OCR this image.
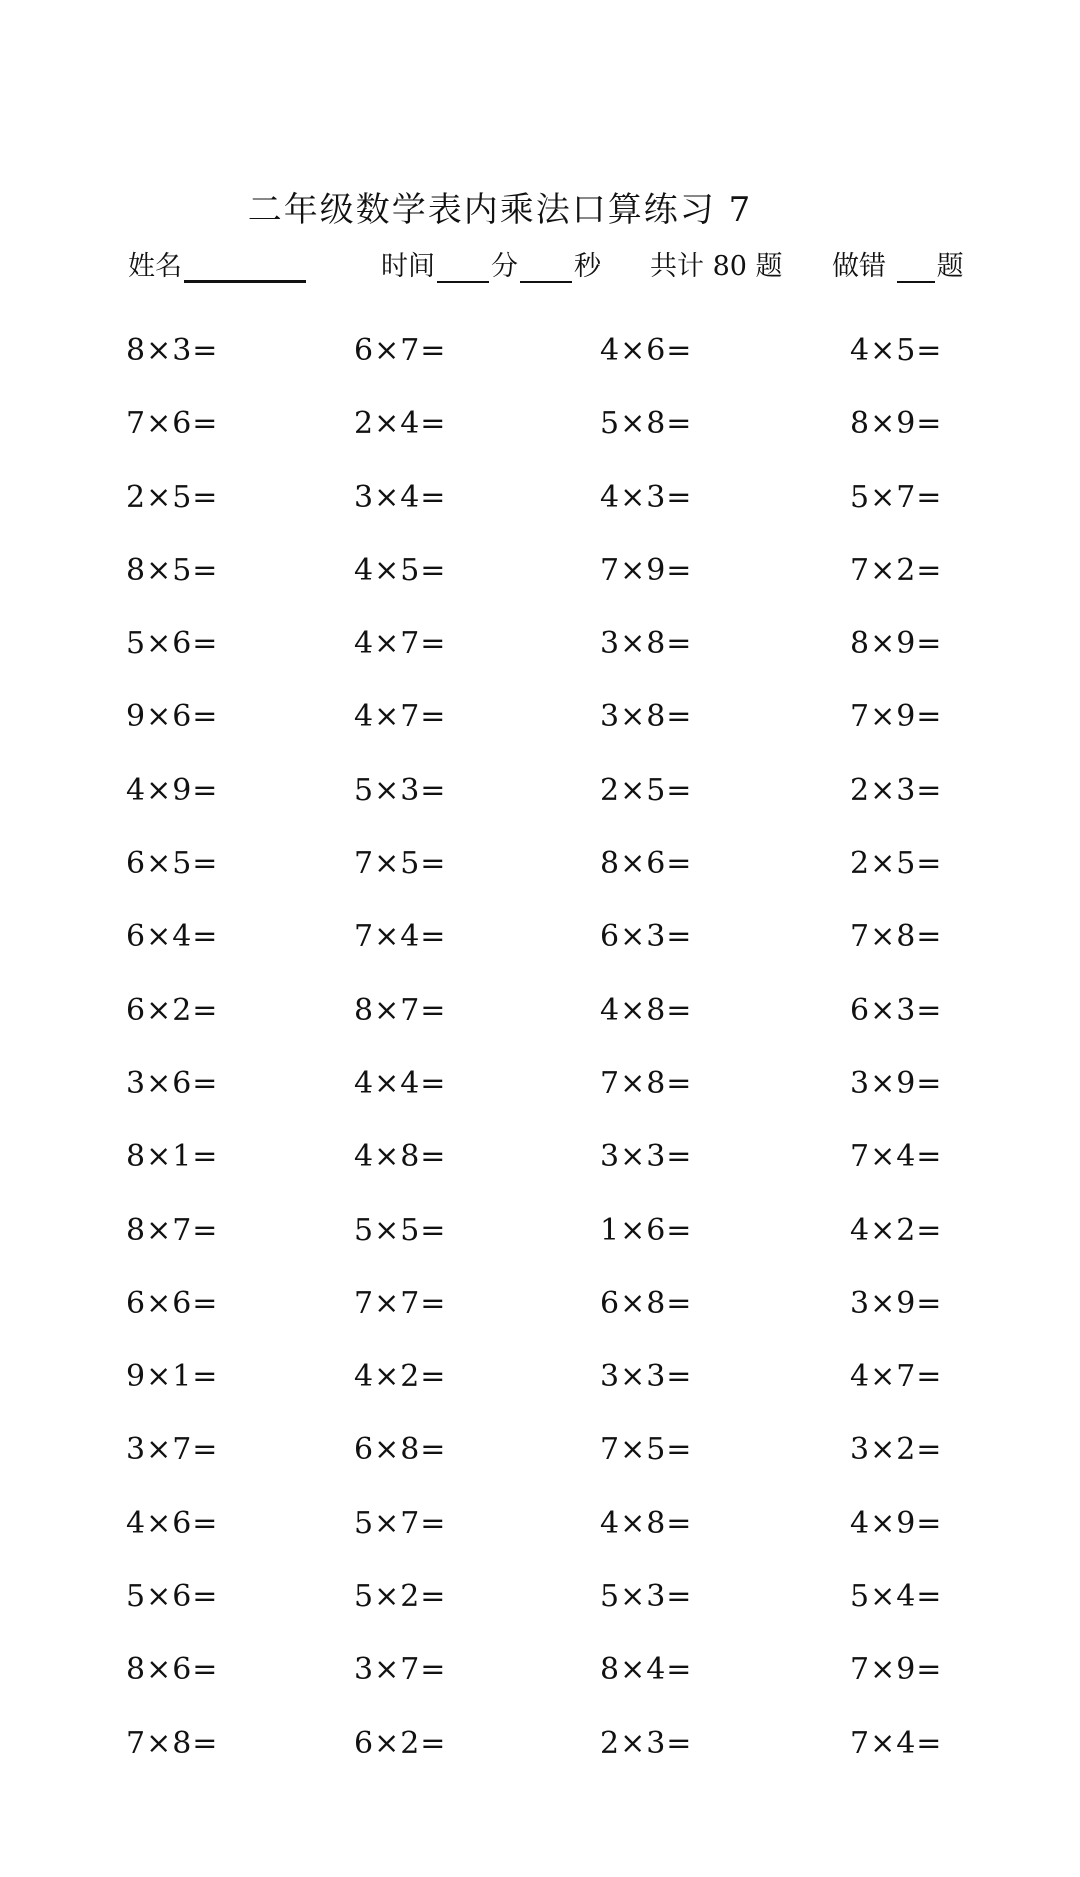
二年级数学表内乘法口算练习 7
姓名	时间 分 秒 共计 80 题 做错 题
8×3=	6×7=	4×6=	4×5=
7×6=	2×4=	5×8=	8×9=
2×5=	3×4=	4×3=	5×7=
8×5=	4×5=	7×9=	7×2=
5×6=	4×7=	3×8=	8×9=
9×6=	4×7=	3×8=	7×9=
4×9=	5×3=	2×5=	2×3=
6×5=	7×5=	8×6=	2×5=
6×4=	7×4=	6×3=	7×8=
6×2=	8×7=	4×8=	6×3=
3×6=	4×4=	7×8=	3×9=
8×1=	4×8=	3×3=	7×4=
8×7=	5×5=	1×6=	4×2=
6×6=	7×7=	6×8=	3×9=
9×1=	4×2=	3×3=	4×7=
3×7=	6×8=	7×5=	3×2=
4×6=	5×7=	4×8=	4×9=
5×6=	5×2=	5×3=	5×4=
8×6=	3×7=	8×4=	7×9=
7×8=	6×2=	2×3=	7×4=
